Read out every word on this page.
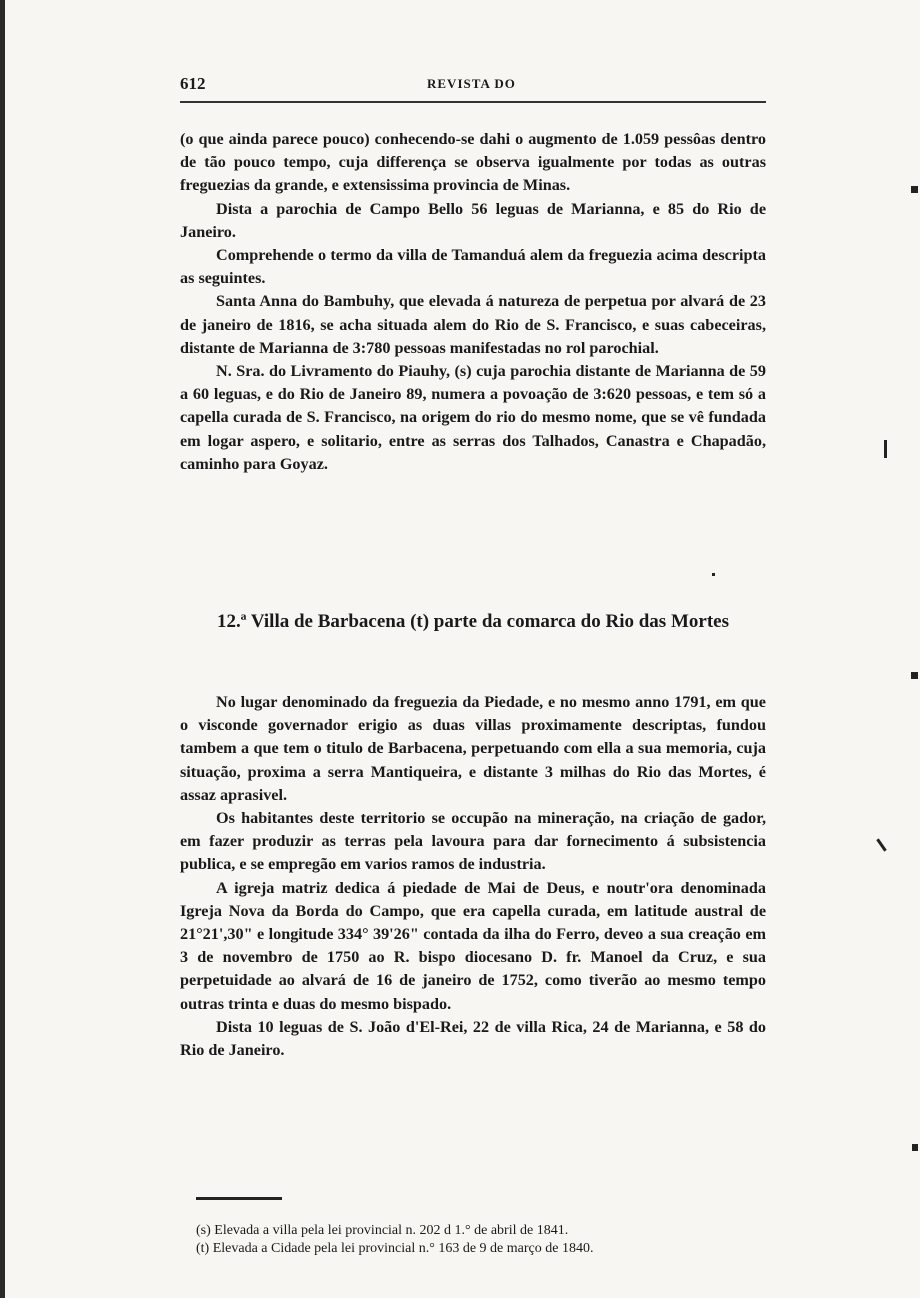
612	REVISTA DO

(o que ainda parece pouco) conhecendo-se dahi o augmento de 1.059 pessôas dentro de tão pouco tempo, cuja differença se observa igualmente por todas as outras freguezias da grande, e extensissima provincia de Minas.

Dista a parochia de Campo Bello 56 leguas de Marianna, e 85 do Rio de Janeiro.

Comprehende o termo da villa de Tamanduá alem da freguezia acima descripta as seguintes.

Santa Anna do Bambuhy, que elevada á natureza de perpetua por alvará de 23 de janeiro de 1816, se acha situada alem do Rio de S. Francisco, e suas cabeceiras, distante de Marianna de 3:780 pessoas manifestadas no rol parochial.

N. Sra. do Livramento do Piauhy, (s) cuja parochia distante de Marianna de 59 a 60 leguas, e do Rio de Janeiro 89, numera a povoação de 3:620 pessoas, e tem só a capella curada de S. Francisco, na origem do rio do mesmo nome, que se vê fundada em logar aspero, e solitario, entre as serras dos Talhados, Canastra e Chapadão, caminho para Goyaz.

12.ª Villa de Barbacena (t) parte da comarca do Rio das Mortes

No lugar denominado da freguezia da Piedade, e no mesmo anno 1791, em que o visconde governador erigio as duas villas proximamente descriptas, fundou tambem a que tem o titulo de Barbacena, perpetuando com ella a sua memoria, cuja situação, proxima a serra Mantiqueira, e distante 3 milhas do Rio das Mortes, é assaz aprasivel.

Os habitantes deste territorio se occupão na mineração, na criação de gador, em fazer produzir as terras pela lavoura para dar fornecimento á subsistencia publica, e se empregão em varios ramos de industria.

A igreja matriz dedica á piedade de Mai de Deus, e noutr'ora denominada Igreja Nova da Borda do Campo, que era capella curada, em latitude austral de 21°21',30" e longitude 334° 39'26" contada da ilha do Ferro, deveo a sua creação em 3 de novembro de 1750 ao R. bispo diocesano D. fr. Manoel da Cruz, e sua perpetuidade ao alvará de 16 de janeiro de 1752, como tiverão ao mesmo tempo outras trinta e duas do mesmo bispado.

Dista 10 leguas de S. João d'El-Rei, 22 de villa Rica, 24 de Marianna, e 58 do Rio de Janeiro.

(s) Elevada a villa pela lei provincial n. 202 d 1.° de abril de 1841.

(t) Elevada a Cidade pela lei provincial n.° 163 de 9 de março de 1840.
